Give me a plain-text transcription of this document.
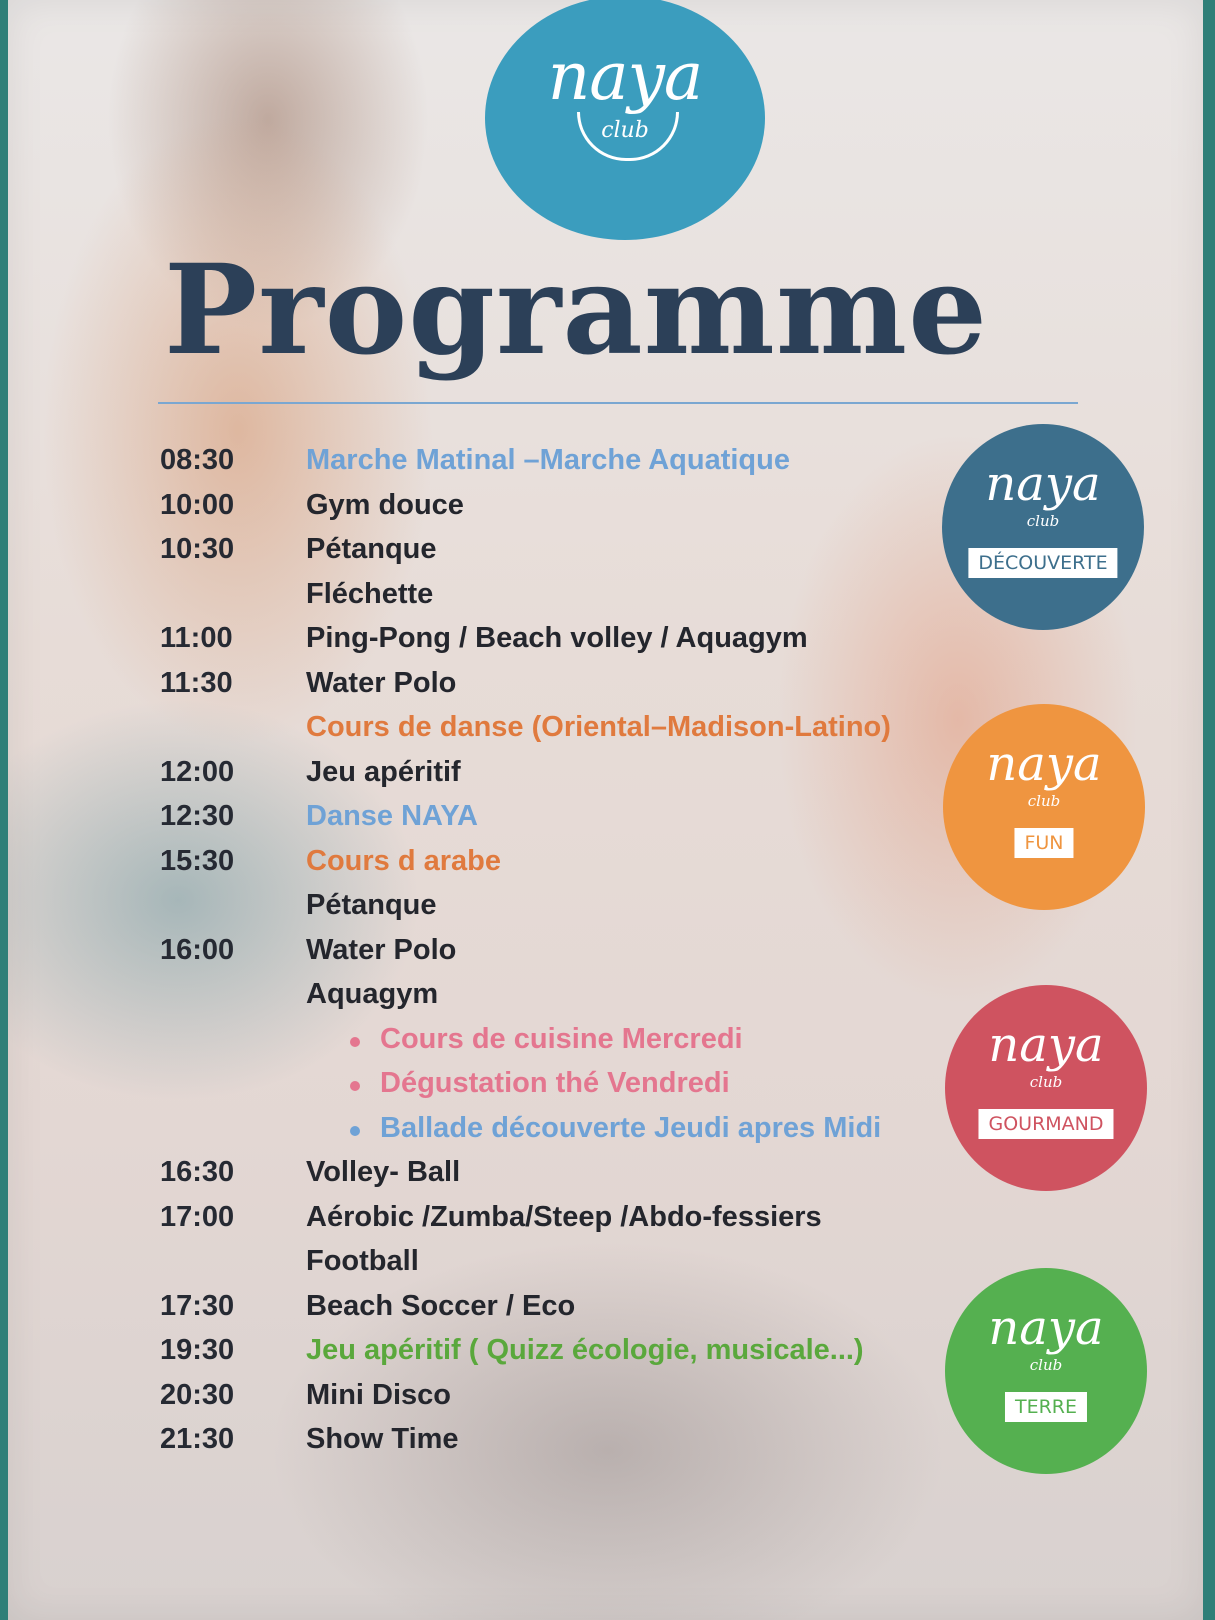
naya
club
Programme
08:30 Marche Matinal –Marche Aquatique
10:00 Gym douce
10:30 Pétanque
Fléchette
11:00	Ping-Pong / Beach volley / Aquagym
11:30	Water Polo
Cours de danse (Oriental–Madison-Latino)
12:00 Jeu apéritif
12:30 Danse NAYA
15:30 Cours d arabe
Pétanque
16:00 Water Polo
Aquagym
Cours de cuisine Mercredi
Dégustation thé Vendredi
Ballade découverte Jeudi apres Midi
16:30 Volley- Ball
17:00 Aérobic /Zumba/Steep /Abdo-fessiers
Football
17:30 Beach Soccer / Eco
19:30 Jeu apéritif ( Quizz écologie, musicale...)
20:30 Mini Disco
21:30 Show Time
naya
club
DÉCOUVERTE
naya
club
FUN
naya
club
GOURMAND
naya
club
TERRE
